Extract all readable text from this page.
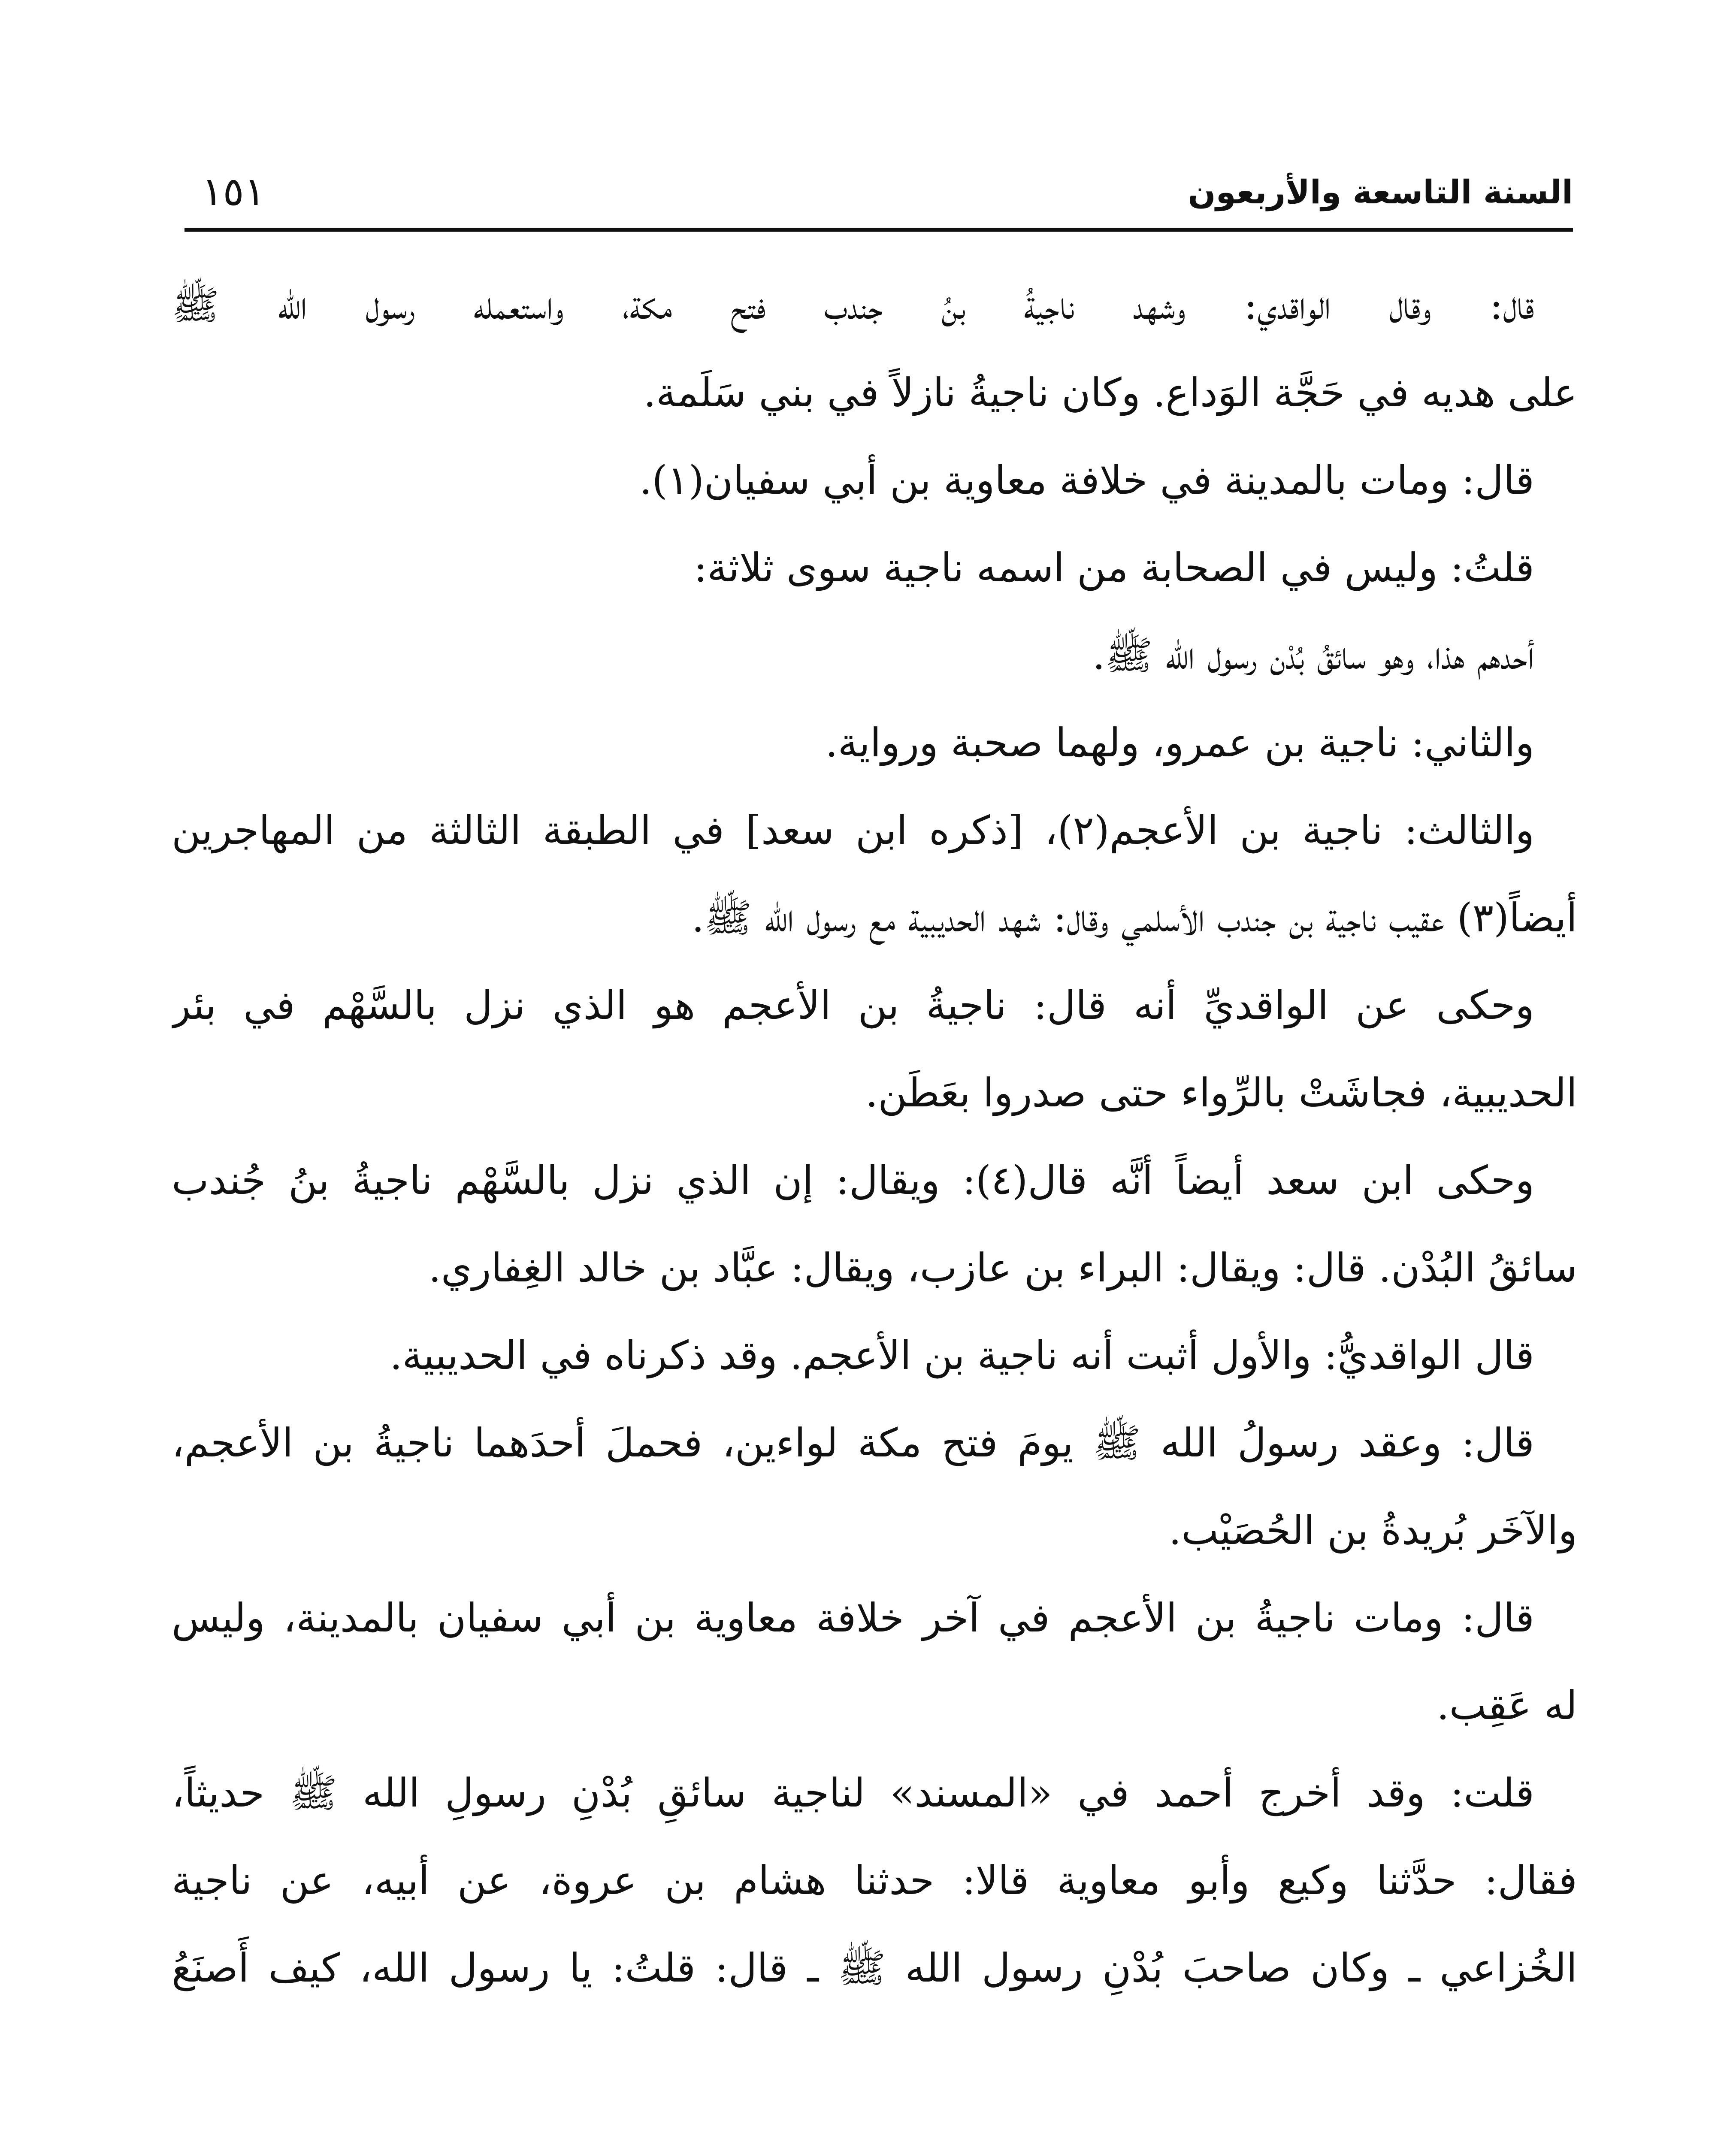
السنة التاسعة والأربعون
١٥١
قال: وقال الواقدي: وشهد ناجيةُ بنُ جندب فتح مكة، واستعمله رسول الله ﷺ
على هديه في حَجَّة الوَداع. وكان ناجيةُ نازلاً في بني سَلَمة.
قال: ومات بالمدينة في خلافة معاوية بن أبي سفيان(١).
قلتُ: وليس في الصحابة من اسمه ناجية سوى ثلاثة:
أحدهم هذا، وهو سائقُ بُدْن رسول الله ﷺ.
والثاني: ناجية بن عمرو، ولهما صحبة ورواية.
والثالث: ناجية بن الأعجم(٢)، [ذكره ابن سعد] في الطبقة الثالثة من المهاجرين
أيضاً(٣) عقيب ناجية بن جندب الأسلمي وقال: شهد الحديبية مع رسول الله ﷺ.
وحكى عن الواقديِّ أنه قال: ناجيةُ بن الأعجم هو الذي نزل بالسَّهْم في بئر
الحديبية، فجاشَتْ بالرِّواء حتى صدروا بعَطَن.
وحكى ابن سعد أيضاً أنَّه قال(٤): ويقال: إن الذي نزل بالسَّهْم ناجيةُ بنُ جُندب
سائقُ البُدْن. قال: ويقال: البراء بن عازب، ويقال: عبَّاد بن خالد الغِفاري.
قال الواقديُّ: والأول أثبت أنه ناجية بن الأعجم. وقد ذكرناه في الحديبية.
قال: وعقد رسولُ الله ﷺ يومَ فتح مكة لواءين، فحملَ أحدَهما ناجيةُ بن الأعجم،
والآخَر بُريدةُ بن الحُصَيْب.
قال: ومات ناجيةُ بن الأعجم في آخر خلافة معاوية بن أبي سفيان بالمدينة، وليس
له عَقِب.
قلت: وقد أخرج أحمد في «المسند» لناجية سائقِ بُدْنِ رسولِ الله ﷺ حديثاً،
فقال: حدَّثنا وكيع وأبو معاوية قالا: حدثنا هشام بن عروة، عن أبيه، عن ناجية
الخُزاعي ـ وكان صاحبَ بُدْنِ رسول الله ﷺ ـ قال: قلتُ: يا رسول الله، كيف أَصنَعُ
